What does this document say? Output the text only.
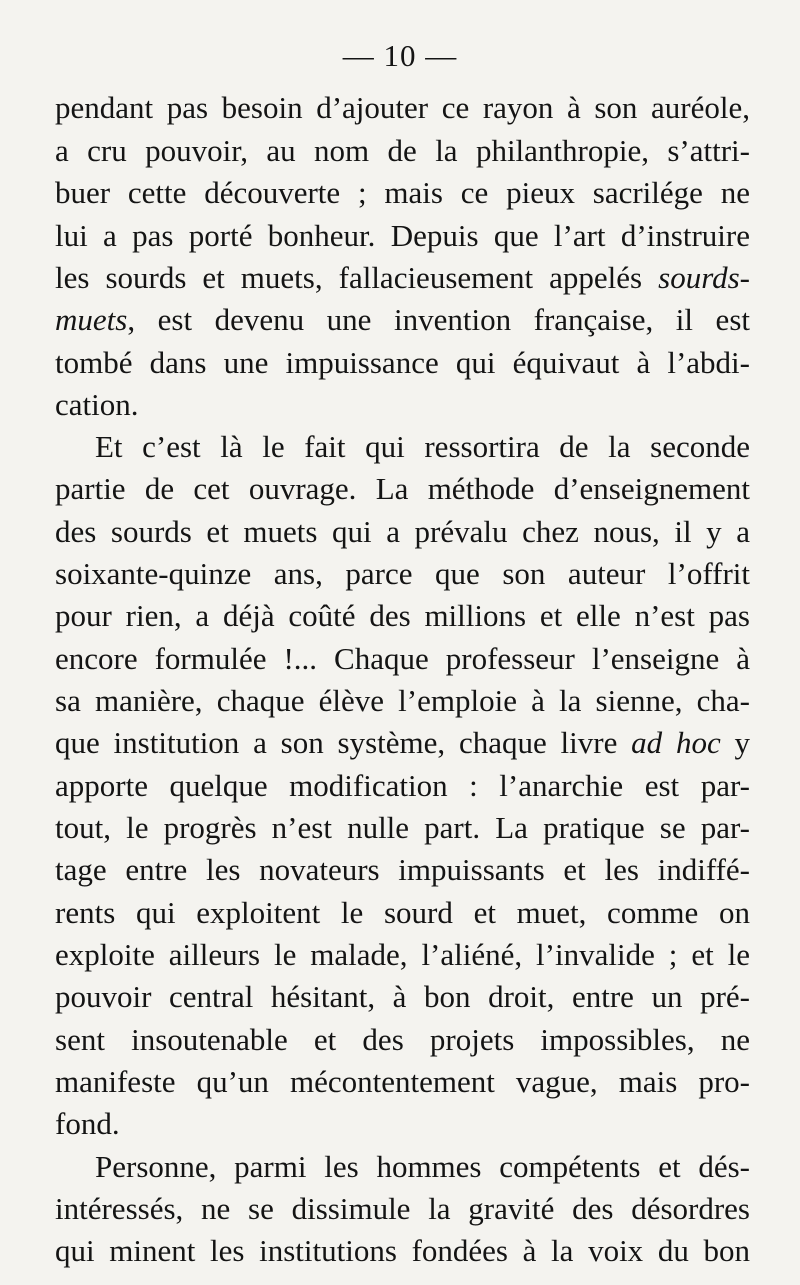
— 10 —
pendant pas besoin d’ajouter ce rayon à son auréole,
a cru pouvoir, au nom de la philanthropie, s’attri-
buer cette découverte ; mais ce pieux sacrilége ne
lui a pas porté bonheur. Depuis que l’art d’instruire
les sourds et muets, fallacieusement appelés sourds-
muets, est devenu une invention française, il est
tombé dans une impuissance qui équivaut à l’abdi-
cation.
Et c’est là le fait qui ressortira de la seconde
partie de cet ouvrage. La méthode d’enseignement
des sourds et muets qui a prévalu chez nous, il y a
soixante-quinze ans, parce que son auteur l’offrit
pour rien, a déjà coûté des millions et elle n’est pas
encore formulée !... Chaque professeur l’enseigne à
sa manière, chaque élève l’emploie à la sienne, cha-
que institution a son système, chaque livre ad hoc y
apporte quelque modification : l’anarchie est par-
tout, le progrès n’est nulle part. La pratique se par-
tage entre les novateurs impuissants et les indiffé-
rents qui exploitent le sourd et muet, comme on
exploite ailleurs le malade, l’aliéné, l’invalide ; et le
pouvoir central hésitant, à bon droit, entre un pré-
sent insoutenable et des projets impossibles, ne
manifeste qu’un mécontentement vague, mais pro-
fond.
Personne, parmi les hommes compétents et dés-
intéressés, ne se dissimule la gravité des désordres
qui minent les institutions fondées à la voix du bon
